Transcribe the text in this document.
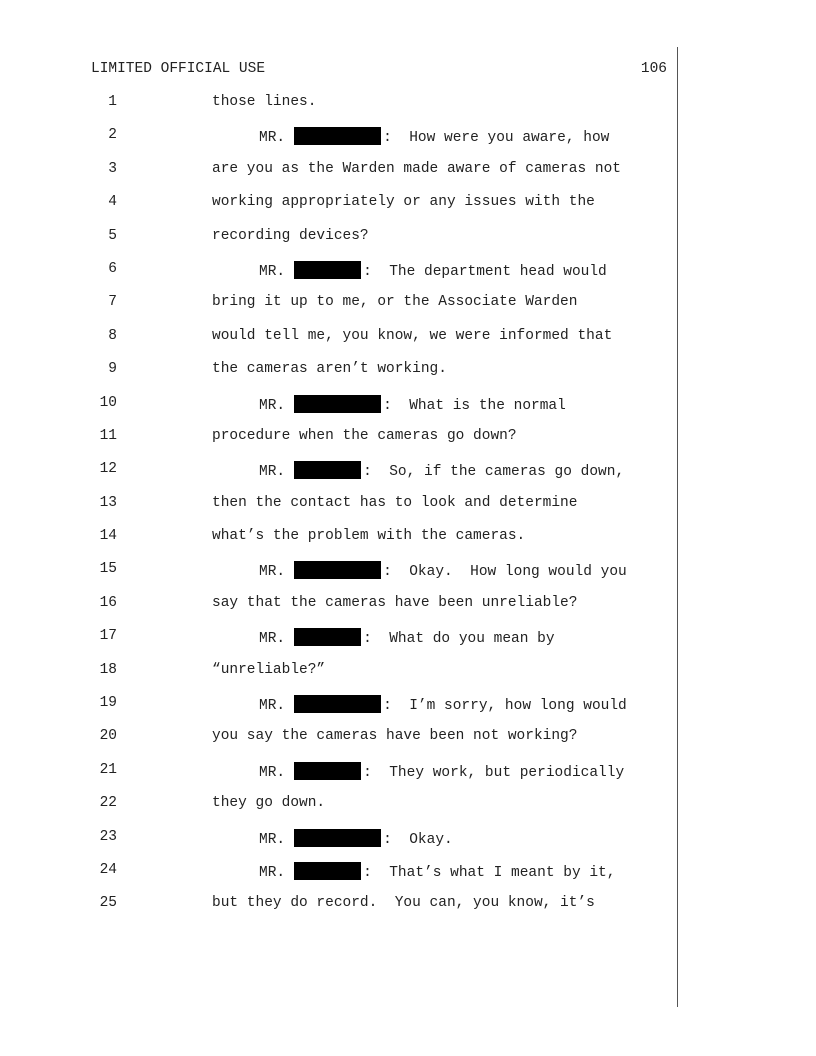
LIMITED OFFICIAL USE	106
1	those lines.
2	MR.	:  How were you aware, how
3	are you as the Warden made aware of cameras not
4	working appropriately or any issues with the
5	recording devices?
6	MR.	:  The department head would
7	bring it up to me, or the Associate Warden
8	would tell me, you know, we were informed that
9	the cameras aren’t working.
10	MR.	:  What is the normal
11	procedure when the cameras go down?
12	MR.	:  So, if the cameras go down,
13	then the contact has to look and determine
14	what’s the problem with the cameras.
15	MR.	:  Okay.  How long would you
16	say that the cameras have been unreliable?
17	MR.	:  What do you mean by
18	“unreliable?”
19	MR.	:  I’m sorry, how long would
20	you say the cameras have been not working?
21	MR.	:  They work, but periodically
22	they go down.
23	MR.	:  Okay.
24	MR.	:  That’s what I meant by it,
25	but they do record.  You can, you know, it’s
